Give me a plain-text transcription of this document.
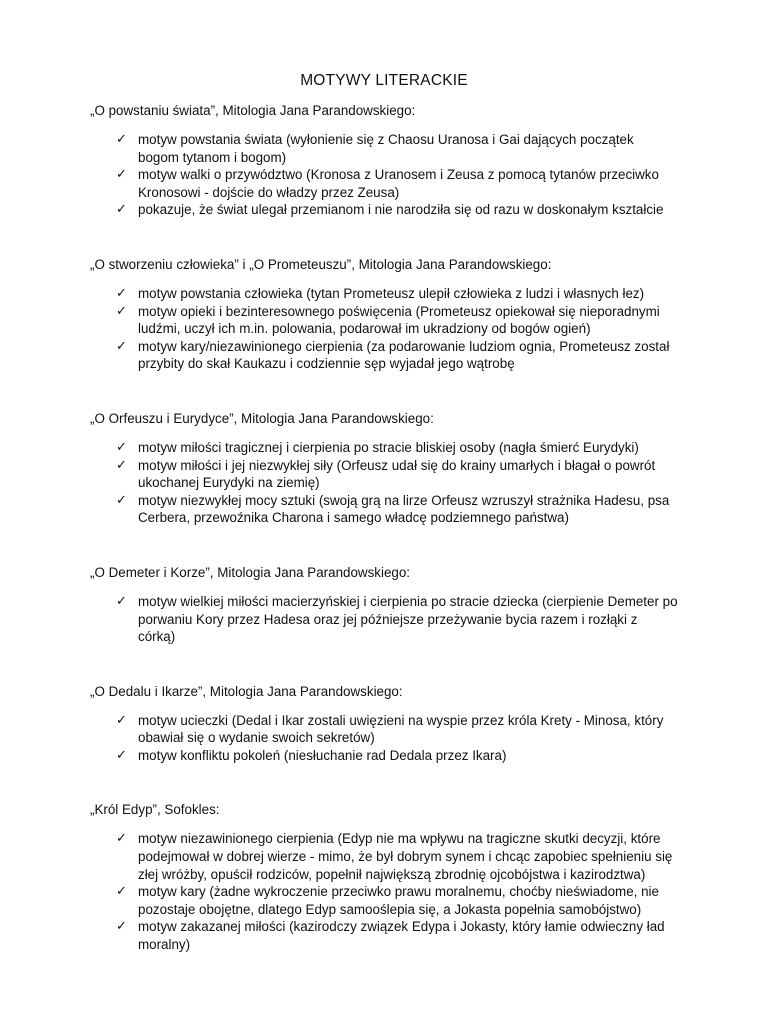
MOTYWY LITERACKIE
„O powstaniu świata”, Mitologia Jana Parandowskiego:
✓ motyw powstania świata (wyłonienie się z Chaosu Uranosa i Gai dających początek bogom tytanom i bogom)
✓ motyw walki o przywództwo (Kronosa z Uranosem i Zeusa z pomocą tytanów przeciwko Kronosowi - dojście do władzy przez Zeusa)
✓ pokazuje, że świat ulegał przemianom i nie narodziła się od razu w doskonałym kształcie
„O stworzeniu człowieka” i „O Prometeuszu”, Mitologia Jana Parandowskiego:
✓ motyw powstania człowieka (tytan Prometeusz ulepił człowieka z ludzi i własnych łez)
✓ motyw opieki i bezinteresownego poświęcenia (Prometeusz opiekował się nieporadnymi ludźmi, uczył ich m.in. polowania, podarował im ukradziony od bogów ogień)
✓ motyw kary/niezawinionego cierpienia (za podarowanie ludziom ognia, Prometeusz został przybity do skał Kaukazu i codziennie sęp wyjadał jego wątrobę
„O Orfeuszu i Eurydyce”, Mitologia Jana Parandowskiego:
✓ motyw miłości tragicznej i cierpienia po stracie bliskiej osoby (nagła śmierć Eurydyki)
✓ motyw miłości i jej niezwykłej siły (Orfeusz udał się do krainy umarłych i błagał o powrót ukochanej Eurydyki na ziemię)
✓ motyw niezwykłej mocy sztuki (swoją grą na lirze Orfeusz wzruszył strażnika Hadesu, psa Cerbera, przewoźnika Charona i samego władcę podziemnego państwa)
„O Demeter i Korze”, Mitologia Jana Parandowskiego:
✓ motyw wielkiej miłości macierzyńskiej i cierpienia po stracie dziecka (cierpienie Demeter po porwaniu Kory przez Hadesa oraz jej późniejsze przeżywanie bycia razem i rozłąki z córką)
„O Dedalu i Ikarze”, Mitologia Jana Parandowskiego:
✓ motyw ucieczki (Dedal i Ikar zostali uwięzieni na wyspie przez króla Krety - Minosa, który obawiał się o wydanie swoich sekretów)
✓ motyw konfliktu pokoleń (niesłuchanie rad Dedala przez Ikara)
„Król Edyp”, Sofokles:
✓ motyw niezawinionego cierpienia (Edyp nie ma wpływu na tragiczne skutki decyzji, które podejmował w dobrej wierze - mimo, że był dobrym synem i chcąc zapobiec spełnieniu się złej wróżby, opuścił rodziców, popełnił największą zbrodnię ojcobójstwa i kazirodztwa)
✓ motyw kary (żadne wykroczenie przeciwko prawu moralnemu, choćby nieświadome, nie pozostaje obojętne, dlatego Edyp samooślepia się, a Jokasta popełnia samobójstwo)
✓ motyw zakazanej miłości (kazirodczy związek Edypa i Jokasty, który łamie odwieczny ład moralny)
